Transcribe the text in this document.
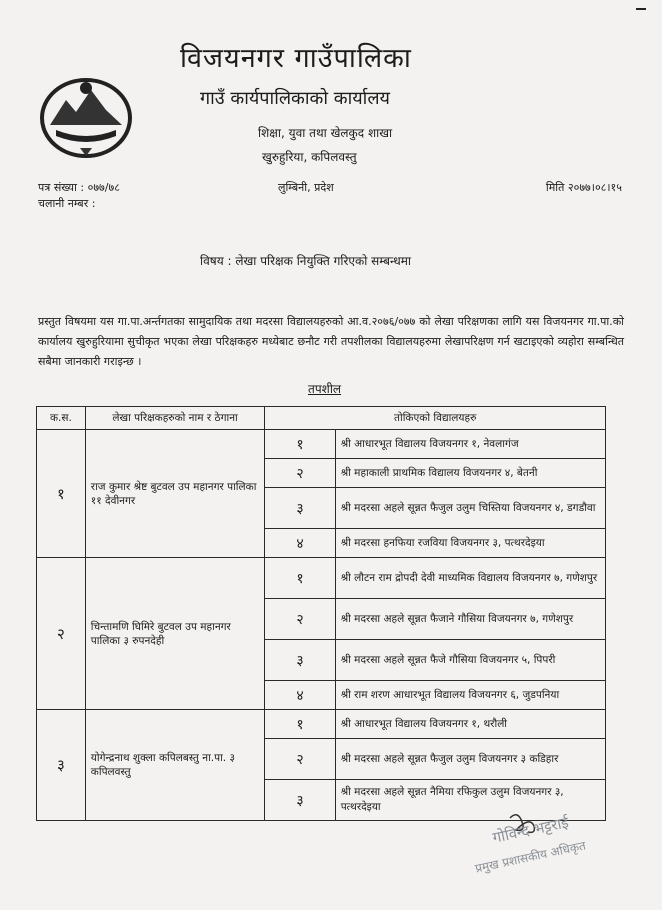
विजयनगर गाउँपालिका
गाउँ कार्यपालिकाको कार्यालय
शिक्षा, युवा तथा खेलकुद शाखा
खुरुहुरिया, कपिलवस्तु
पत्र संख्या : ०७७/७८
चलानी नम्बर :
लुम्बिनी, प्रदेश	मिति २०७७।०८।१५
विषय : लेखा परिक्षक नियुक्ति गरिएको सम्बन्धमा
प्रस्तुत विषयमा यस गा.पा.अर्न्तगतका सामुदायिक तथा मदरसा विद्यालयहरुको आ.व.२०७६/०७७ को लेखा परिक्षणका लागि यस विजयनगर गा.पा.को कार्यालय खुरुहुरियामा सुचीकृत भएका लेखा परिक्षकहरु मध्येबाट छनौट गरी तपशीलका विद्यालयहरुमा लेखापरिक्षण गर्न खटाइएको व्यहोरा सम्बन्धित सबैमा जानकारी गराइन्छ ।
तपशील
क.स.	लेखा परिक्षकहरुको नाम र ठेगाना	तोकिएको विद्यालयहरु	
१	राज कुमार श्रेष्ट बुटवल उप महानगर पालिका ११ देवीनगर	१	श्री आधारभूत विद्यालय विजयनगर १, नेवलागंज
		२	श्री महाकाली प्राथमिक विद्यालय विजयनगर ४, बेतनी
		३	श्री मदरसा अहले सून्नत फैजुल उलुम चिस्तिया विजयनगर ४, डगडौवा
		४	श्री मदरसा हनफिया रजविया विजयनगर ३, पत्थरदेइया
२	चिन्तामणि घिमिरे बुटवल उप महानगर पालिका ३ रुपनदेही	१	श्री लौटन राम द्रोपदी देवी माध्यमिक विद्यालय विजयनगर ७, गणेशपुर
		२	श्री मदरसा अहले सून्नत फैजाने गौसिया विजयनगर ७, गणेशपुर
		३	श्री मदरसा अहले सून्नत फैजे गौसिया विजयनगर ५, पिपरी
		४	श्री राम शरण आधारभूत विद्यालय विजयनगर ६, जुडपनिया
३	योगेन्द्रनाथ शुक्ला कपिलबस्तु ना.पा. ३ कपिलवस्तु	१	श्री आधारभूत विद्यालय विजयनगर १, थरौली
		२	श्री मदरसा अहले सून्नत फैजुल उलुम विजयनगर ३ कडिहार
		३	श्री मदरसा अहले सून्नत नैमिया रफिकुल उलुम विजयनगर ३, पत्थरदेइया
गोविन्द भट्टराई
प्रमुख प्रशासकीय अधिकृत
